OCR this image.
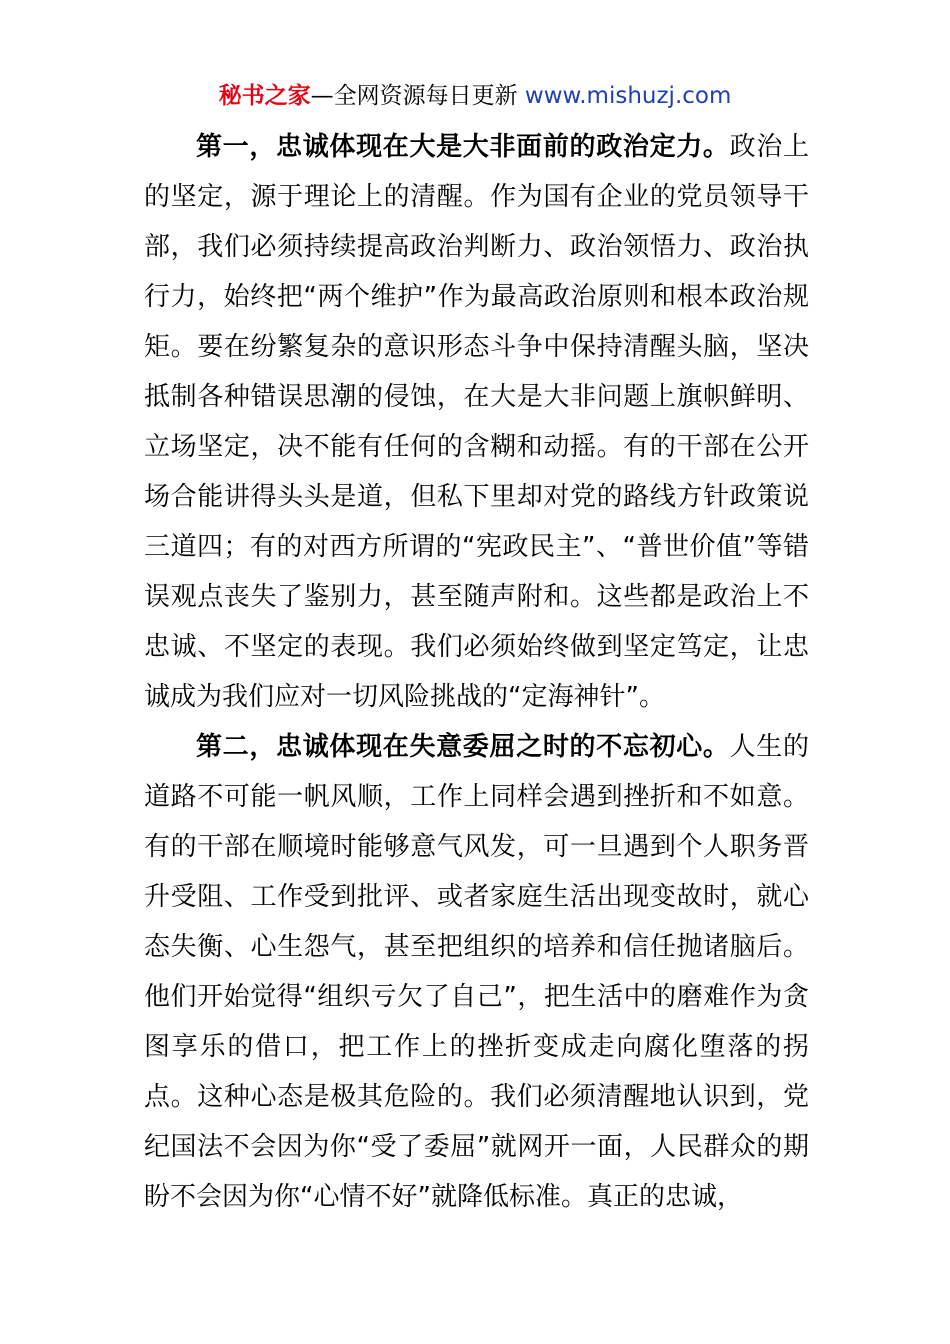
秘书之家—全网资源每日更新 www.mishuzj.com

第一，忠诚体现在大是大非面前的政治定力。政治上的坚定，源于理论上的清醒。作为国有企业的党员领导干部，我们必须持续提高政治判断力、政治领悟力、政治执行力，始终把“两个维护”作为最高政治原则和根本政治规矩。要在纷繁复杂的意识形态斗争中保持清醒头脑，坚决抵制各种错误思潮的侵蚀，在大是大非问题上旗帜鲜明、立场坚定，决不能有任何的含糊和动摇。有的干部在公开场合能讲得头头是道，但私下里却对党的路线方针政策说三道四；有的对西方所谓的“宪政民主”、“普世价值”等错误观点丧失了鉴别力，甚至随声附和。这些都是政治上不忠诚、不坚定的表现。我们必须始终做到坚定笃定，让忠诚成为我们应对一切风险挑战的“定海神针”。

第二，忠诚体现在失意委屈之时的不忘初心。人生的道路不可能一帆风顺，工作上同样会遇到挫折和不如意。有的干部在顺境时能够意气风发，可一旦遇到个人职务晋升受阻、工作受到批评、或者家庭生活出现变故时，就心态失衡、心生怨气，甚至把组织的培养和信任抛诸脑后。他们开始觉得“组织亏欠了自己”，把生活中的磨难作为贪图享乐的借口，把工作上的挫折变成走向腐化堕落的拐点。这种心态是极其危险的。我们必须清醒地认识到，党纪国法不会因为你“受了委屈”就网开一面，人民群众的期盼不会因为你“心情不好”就降低标准。真正的忠诚，
